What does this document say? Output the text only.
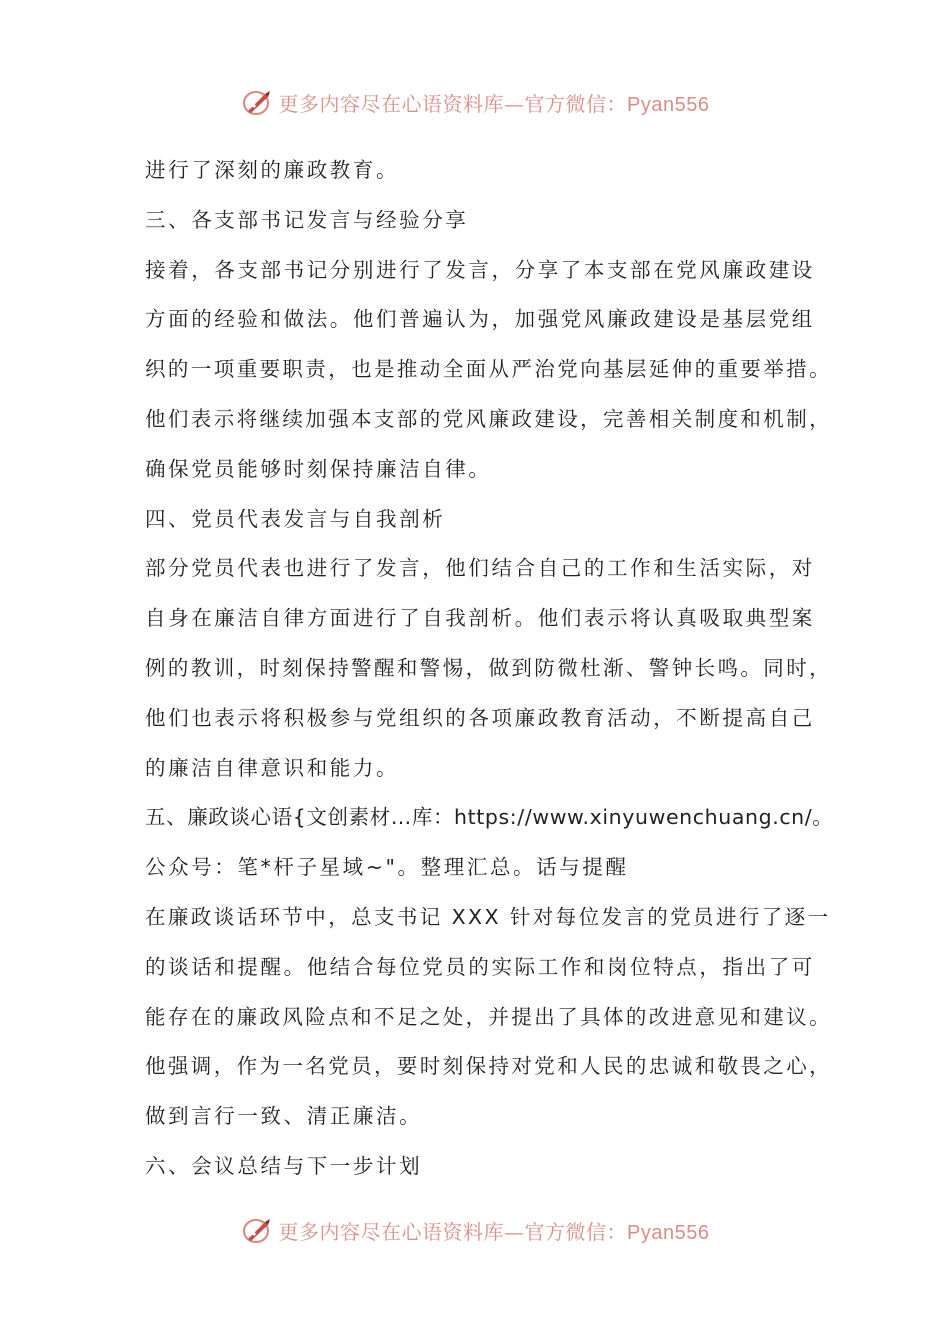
更多内容尽在心语资料库—官方微信：Pyan556
进行了深刻的廉政教育。
三、各支部书记发言与经验分享
接着，各支部书记分别进行了发言，分享了本支部在党风廉政建设
方面的经验和做法。他们普遍认为，加强党风廉政建设是基层党组
织的一项重要职责，也是推动全面从严治党向基层延伸的重要举措。
他们表示将继续加强本支部的党风廉政建设，完善相关制度和机制，
确保党员能够时刻保持廉洁自律。
四、党员代表发言与自我剖析
部分党员代表也进行了发言，他们结合自己的工作和生活实际，对
自身在廉洁自律方面进行了自我剖析。他们表示将认真吸取典型案
例的教训，时刻保持警醒和警惕，做到防微杜渐、警钟长鸣。同时，
他们也表示将积极参与党组织的各项廉政教育活动，不断提高自己
的廉洁自律意识和能力。
五、廉政谈心语{文创素材…库：https://www.xinyuwenchuang.cn/。
公众号：笔*杆子星域~"。整理汇总。话与提醒
在廉政谈话环节中，总支书记 XXX 针对每位发言的党员进行了逐一
的谈话和提醒。他结合每位党员的实际工作和岗位特点，指出了可
能存在的廉政风险点和不足之处，并提出了具体的改进意见和建议。
他强调，作为一名党员，要时刻保持对党和人民的忠诚和敬畏之心，
做到言行一致、清正廉洁。
六、会议总结与下一步计划
更多内容尽在心语资料库—官方微信：Pyan556
